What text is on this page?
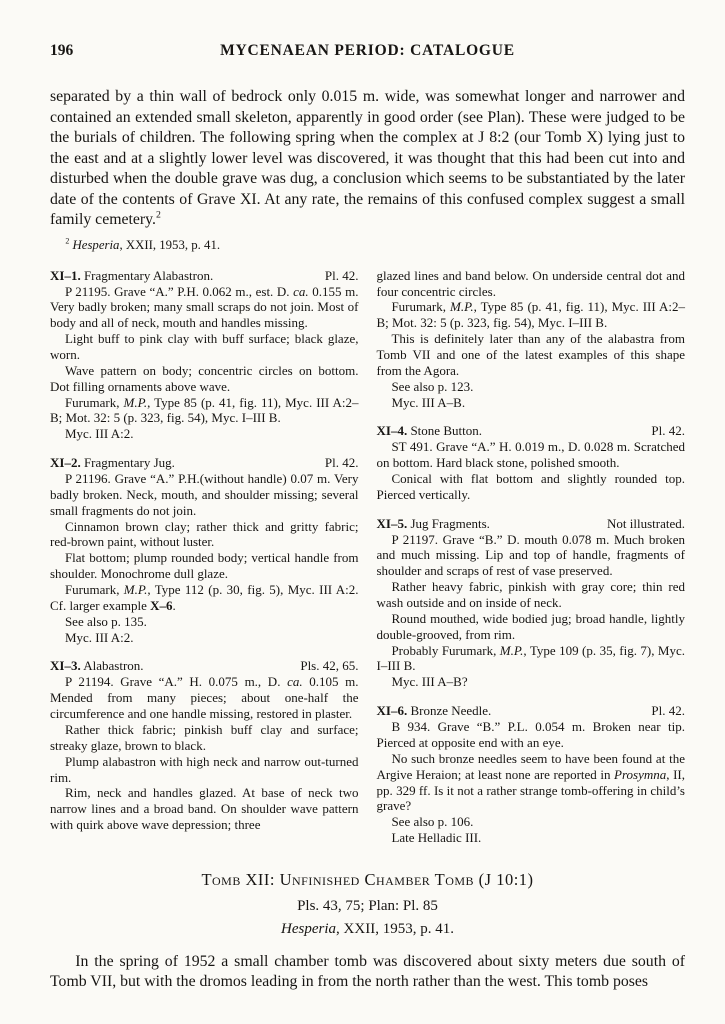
196	MYCENAEAN PERIOD: CATALOGUE

separated by a thin wall of bedrock only 0.015 m. wide, was somewhat longer and narrower and contained an extended small skeleton, apparently in good order (see Plan). These were judged to be the burials of children. The following spring when the complex at J 8:2 (our Tomb X) lying just to the east and at a slightly lower level was discovered, it was thought that this had been cut into and disturbed when the double grave was dug, a conclusion which seems to be substantiated by the later date of the contents of Grave XI. At any rate, the remains of this confused complex suggest a small family cemetery.$^2$

$^2$ Hesperia, XXII, 1953, p. 41.

XI–1. Fragmentary Alabastron.	Pl. 42.

P 21195. Grave “A.” P.H. 0.062 m., est. D. ca. 0.155 m. Very badly broken; many small scraps do not join. Most of body and all of neck, mouth and handles missing.

Light buff to pink clay with buff surface; black glaze, worn.

Wave pattern on body; concentric circles on bottom. Dot filling ornaments above wave.

Furumark, M.P., Type 85 (p. 41, fig. 11), Myc. III A:2–B; Mot. 32: 5 (p. 323, fig. 54), Myc. I–III B.

Myc. III A:2.

XI–2. Fragmentary Jug.	Pl. 42.

P 21196. Grave “A.” P.H.(without handle) 0.07 m. Very badly broken. Neck, mouth, and shoulder missing; several small fragments do not join.

Cinnamon brown clay; rather thick and gritty fabric; red-brown paint, without luster.

Flat bottom; plump rounded body; vertical handle from shoulder. Monochrome dull glaze.

Furumark, M.P., Type 112 (p. 30, fig. 5), Myc. III A:2. Cf. larger example X–6.

See also p. 135.

Myc. III A:2.

XI–3. Alabastron.	Pls. 42, 65.

P 21194. Grave “A.” H. 0.075 m., D. ca. 0.105 m. Mended from many pieces; about one-half the circumference and one handle missing, restored in plaster.

Rather thick fabric; pinkish buff clay and surface; streaky glaze, brown to black.

Plump alabastron with high neck and narrow out-turned rim.

Rim, neck and handles glazed. At base of neck two narrow lines and a broad band. On shoulder wave pattern with quirk above wave depression; three

glazed lines and band below. On underside central dot and four concentric circles.

Furumark, M.P., Type 85 (p. 41, fig. 11), Myc. III A:2–B; Mot. 32: 5 (p. 323, fig. 54), Myc. I–III B.

This is definitely later than any of the alabastra from Tomb VII and one of the latest examples of this shape from the Agora.

See also p. 123.

Myc. III A–B.

XI–4. Stone Button.	Pl. 42.

ST 491. Grave “A.” H. 0.019 m., D. 0.028 m. Scratched on bottom. Hard black stone, polished smooth.

Conical with flat bottom and slightly rounded top. Pierced vertically.

XI–5. Jug Fragments.	Not illustrated.

P 21197. Grave “B.” D. mouth 0.078 m. Much broken and much missing. Lip and top of handle, fragments of shoulder and scraps of rest of vase preserved.

Rather heavy fabric, pinkish with gray core; thin red wash outside and on inside of neck.

Round mouthed, wide bodied jug; broad handle, lightly double-grooved, from rim.

Probably Furumark, M.P., Type 109 (p. 35, fig. 7), Myc. I–III B.

Myc. III A–B?

XI–6. Bronze Needle.	Pl. 42.

B 934. Grave “B.” P.L. 0.054 m. Broken near tip. Pierced at opposite end with an eye.

No such bronze needles seem to have been found at the Argive Heraion; at least none are reported in Prosymna, II, pp. 329 ff. Is it not a rather strange tomb-offering in child’s grave?

See also p. 106.

Late Helladic III.

Tomb XII: Unfinished Chamber Tomb (J 10:1)
Pls. 43, 75; Plan: Pl. 85
Hesperia, XXII, 1953, p. 41.

In the spring of 1952 a small chamber tomb was discovered about sixty meters due south of Tomb VII, but with the dromos leading in from the north rather than the west. This tomb poses
